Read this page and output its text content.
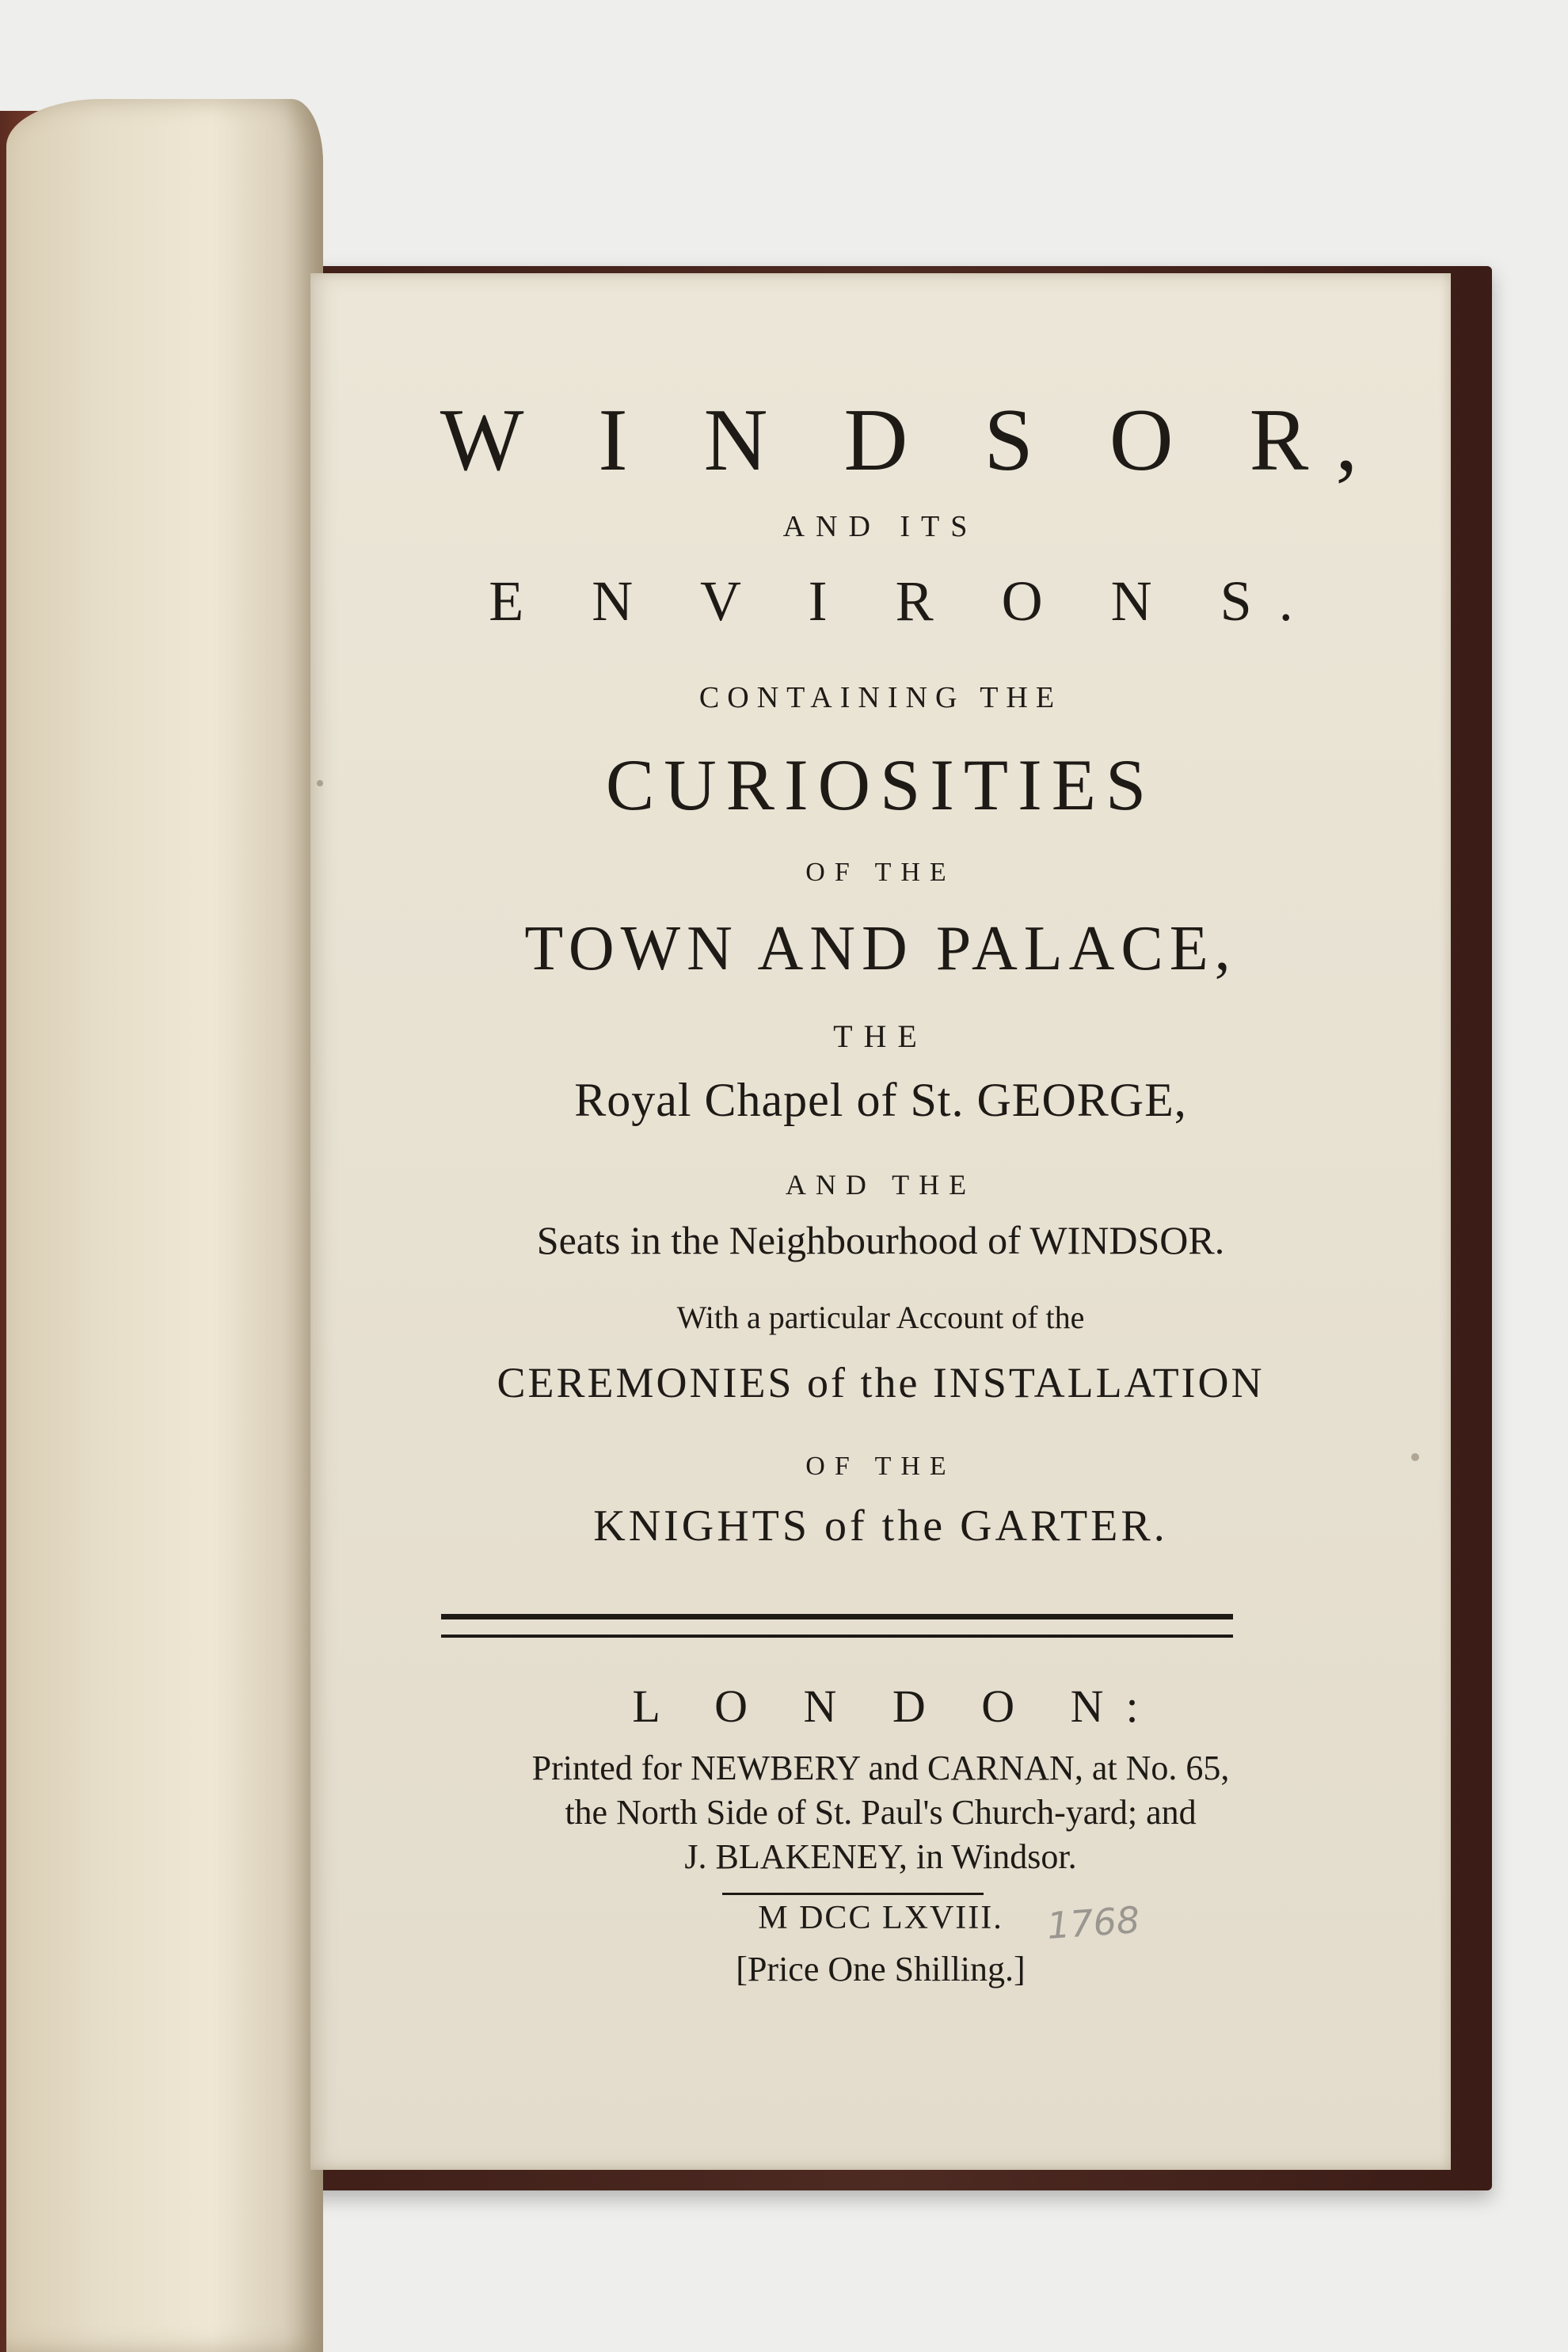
W I N D S O R,

AND ITS

E N V I R O N S.

CONTAINING THE

CURIOSITIES

OF THE

TOWN AND PALACE,

THE

Royal Chapel of St. GEORGE,

AND THE

Seats in the Neighbourhood of WINDSOR.

With a particular Account of the

CEREMONIES of the INSTALLATION

OF THE

KNIGHTS of the GARTER.

L O N D O N:

Printed for NEWBERY and CARNAN, at No. 65,

the North Side of St. Paul's Church-yard; and

J. BLAKENEY, in Windsor.

M DCC LXVIII.	1768

[Price One Shilling.]
